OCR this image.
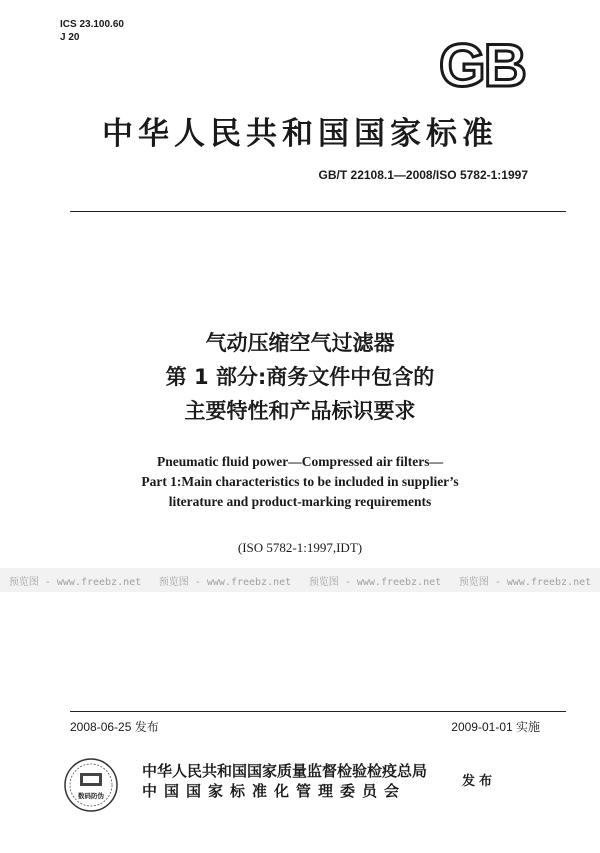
ICS 23.100.60
J 20	GB
中华人民共和国国家标准
GB/T 22108.1—2008/ISO 5782-1:1997
气动压缩空气过滤器
第 1 部分:商务文件中包含的
主要特性和产品标识要求
Pneumatic fluid power—Compressed air filters—
Part 1:Main characteristics to be included in supplier’s
literature and product-marking requirements
(ISO 5782-1:1997,IDT)
预览图 - www.freebz.net 预览图 - www.freebz.net 预览图 - www.freebz.net 预览图 - www.freebz.net
2008-06-25 发布	2009-01-01 实施
数码防伪
中华人民共和国国家质量监督检验检疫总局
中国国家标准化管理委员会
发布
